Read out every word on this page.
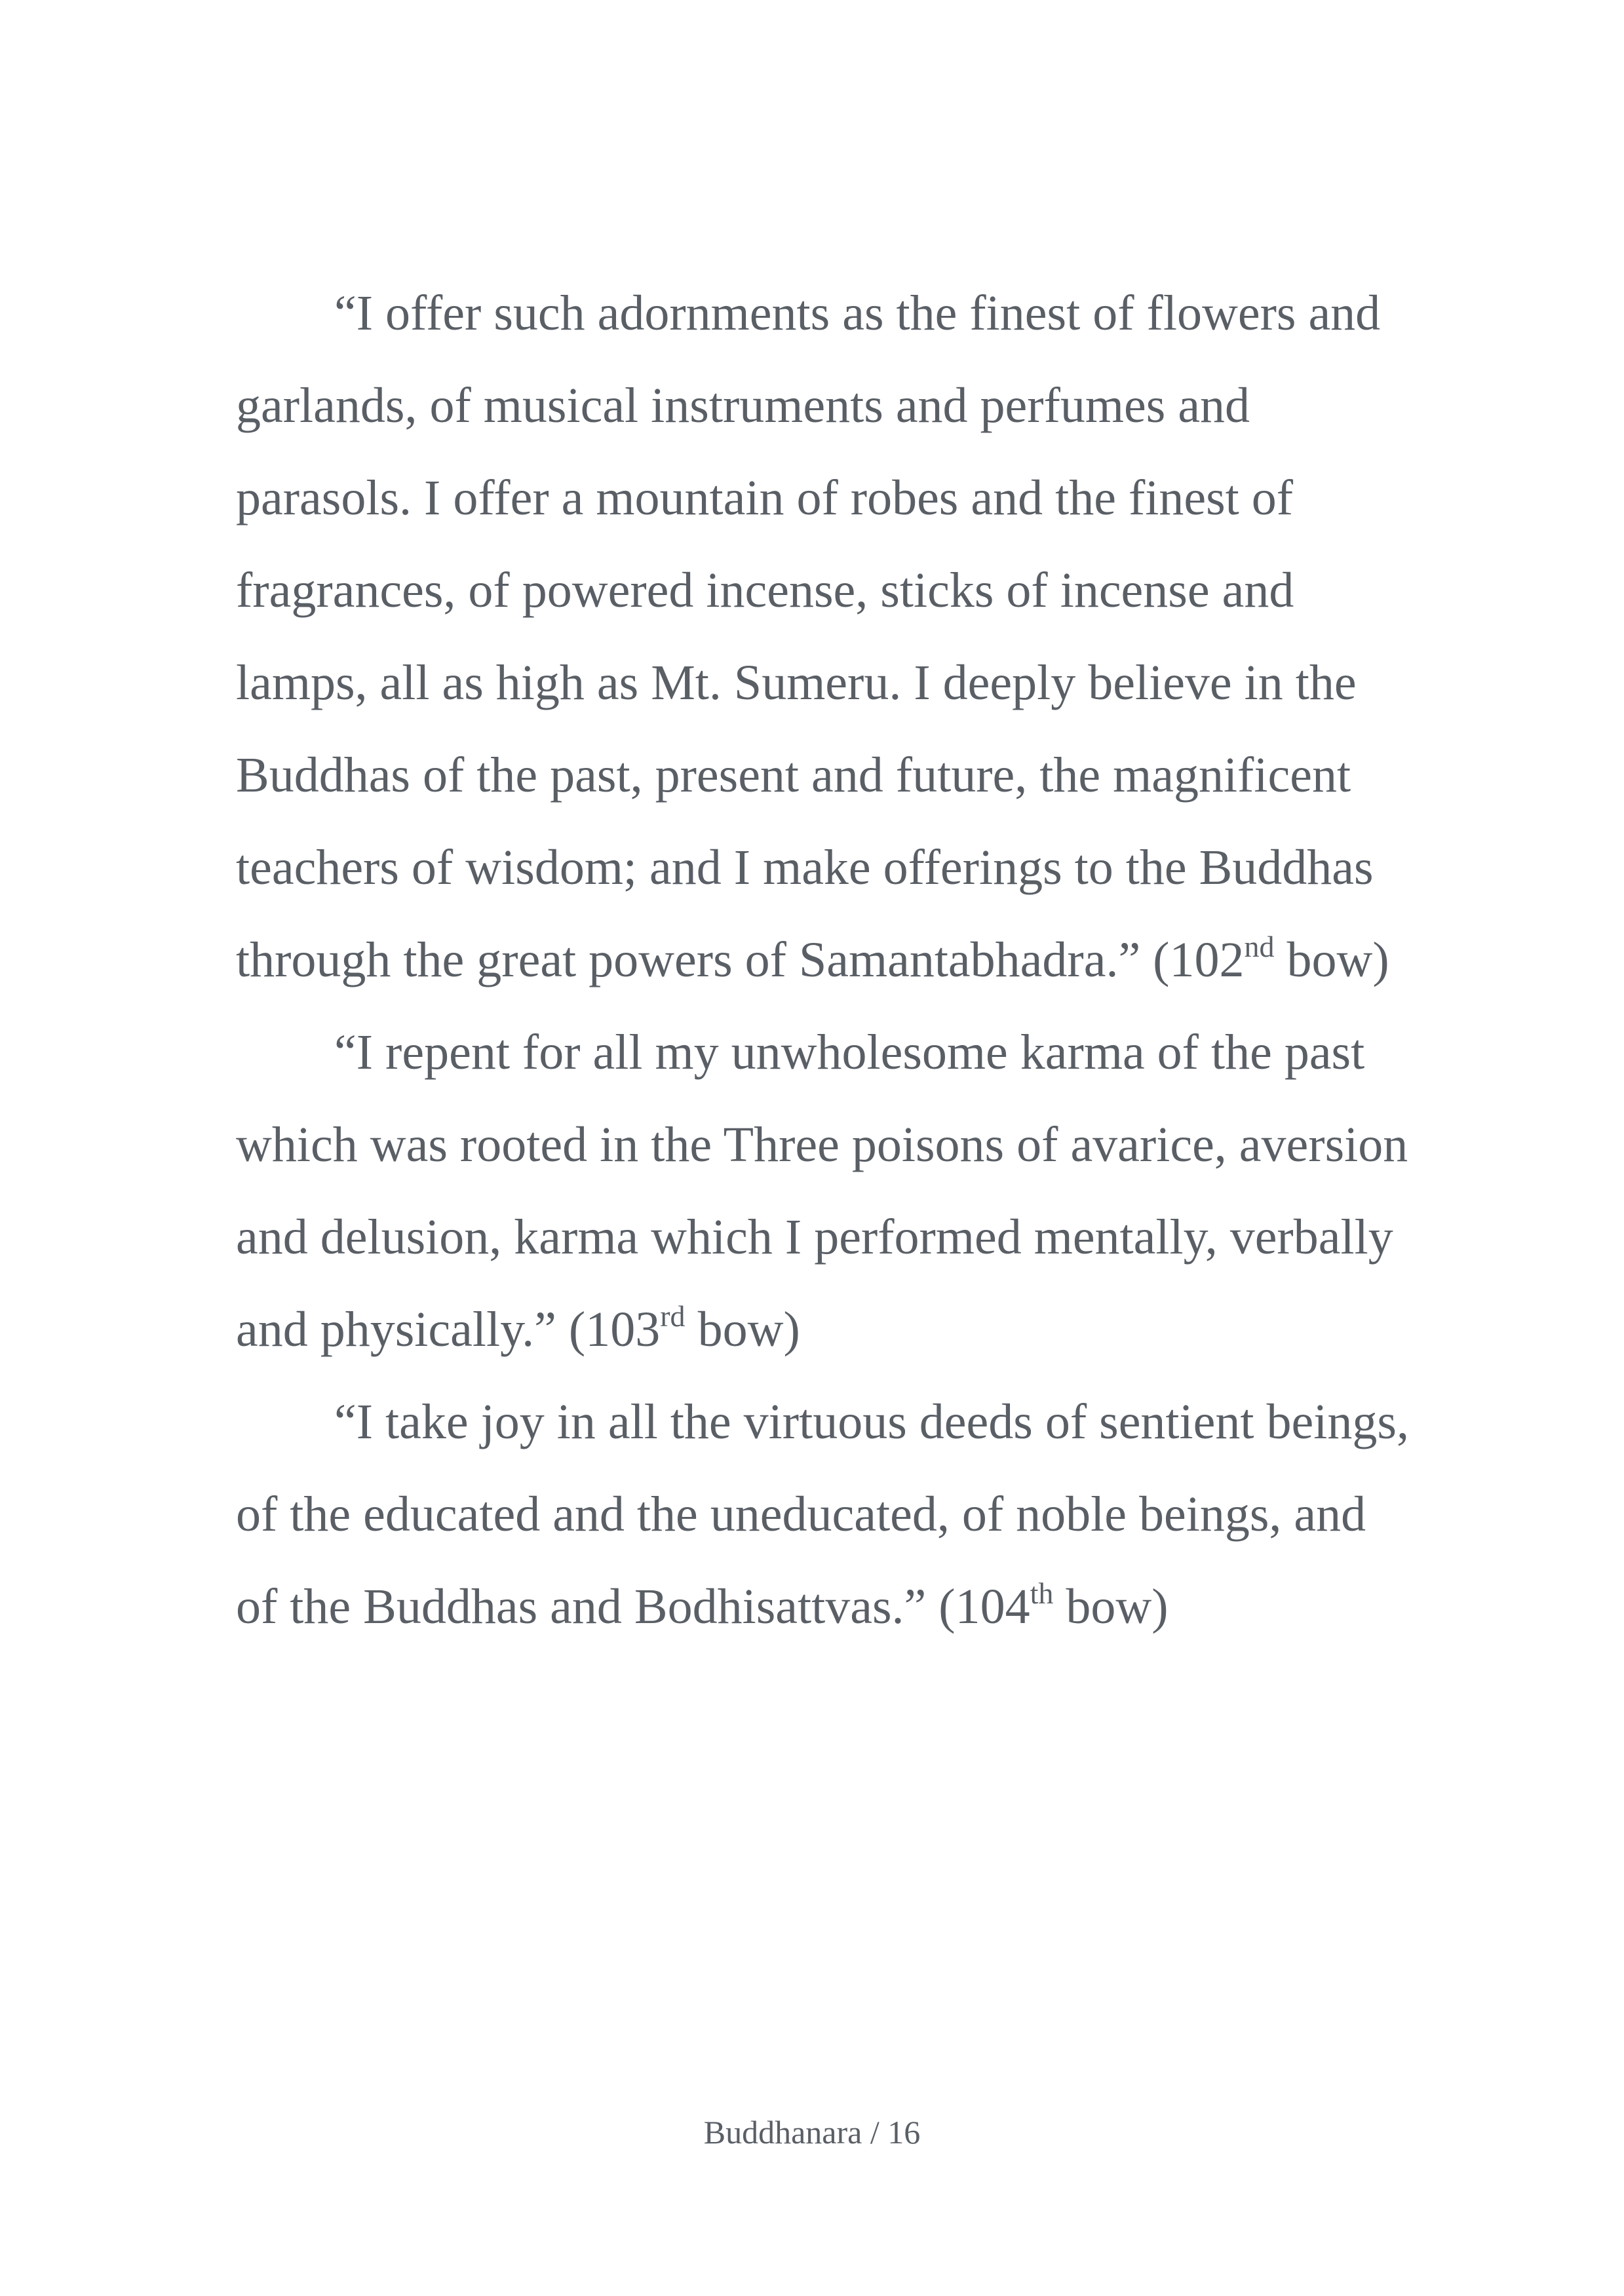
“I offer such adornments as the finest of flowers and garlands, of musical instruments and perfumes and parasols. I offer a mountain of robes and the finest of fragrances, of powered incense, sticks of incense and lamps, all as high as Mt. Sumeru. I deeply believe in the Buddhas of the past, present and future, the magnificent teachers of wisdom; and I make offerings to the Buddhas through the great powers of Samantabhadra.” (102nd bow)

“I repent for all my unwholesome karma of the past which was rooted in the Three poisons of avarice, aversion and delusion, karma which I performed mentally, verbally and physically.” (103rd bow)

“I take joy in all the virtuous deeds of sentient beings, of the educated and the uneducated, of noble beings, and of the Buddhas and Bodhisattvas.” (104th bow)

Buddhanara / 16
